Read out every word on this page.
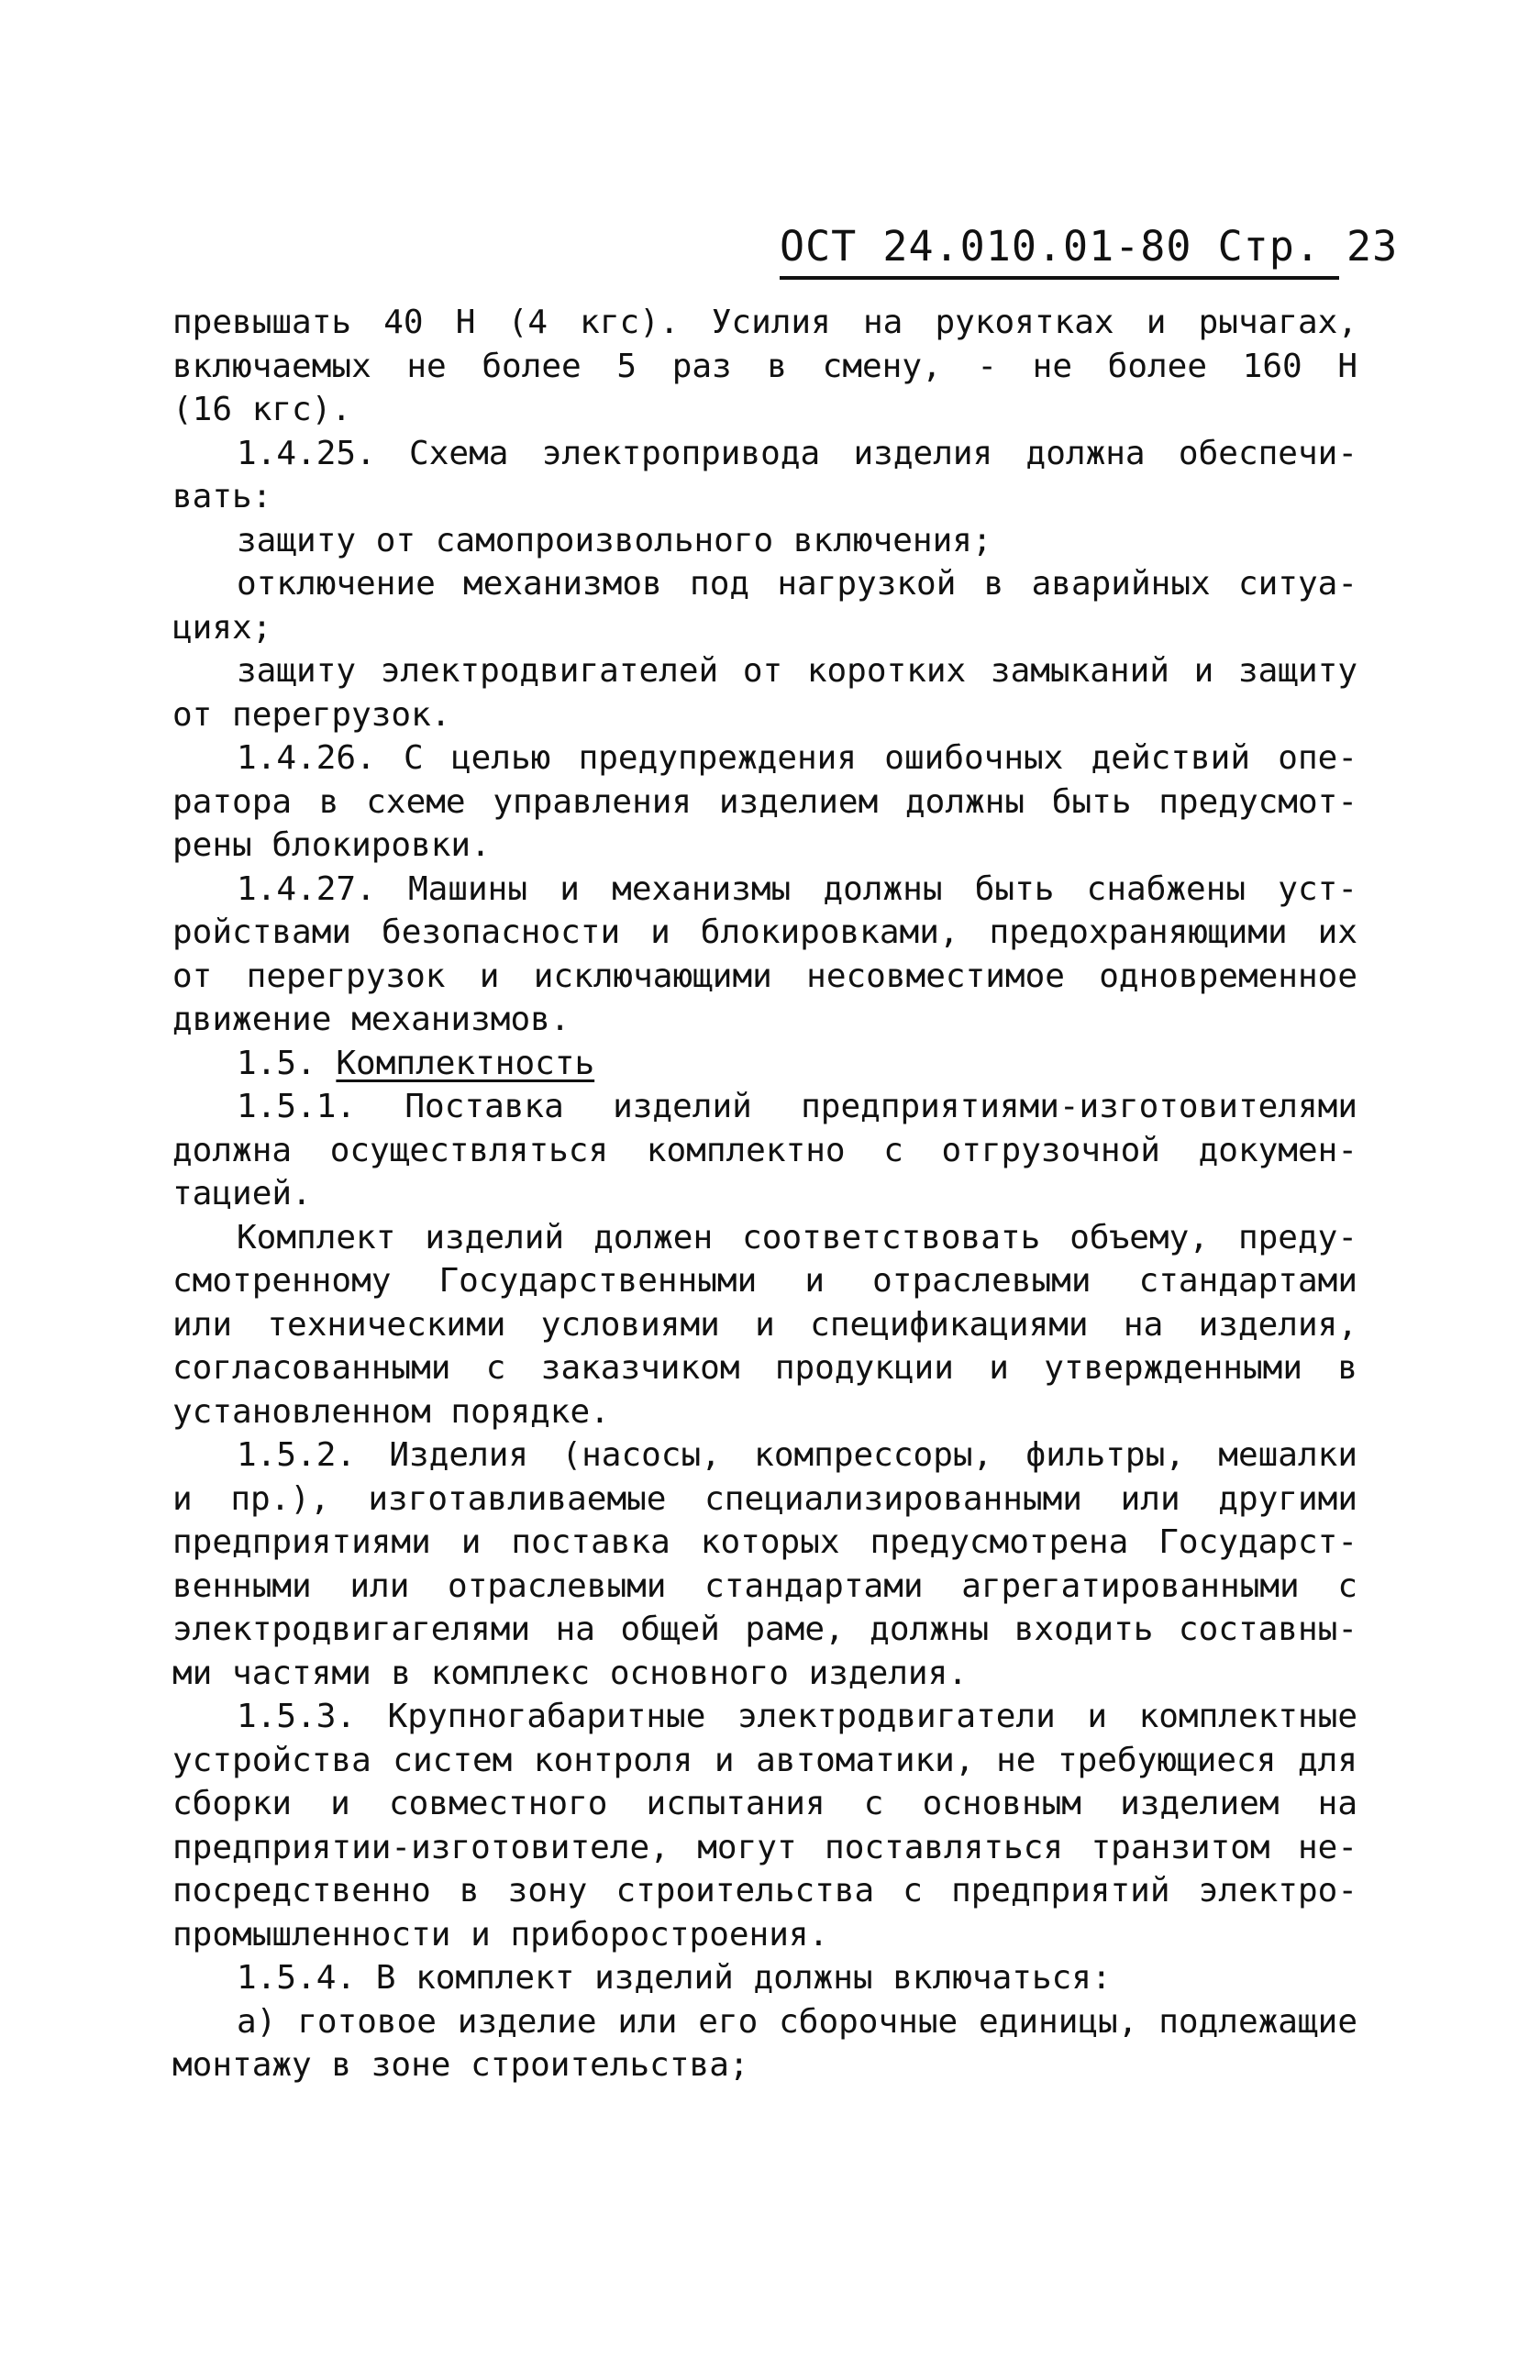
ОСТ 24.010.01-80 Стр. 23
превышать 40 Н (4 кгс). Усилия на рукоятках и рычагах,
включаемых не более 5 раз в смену, - не более 160 Н
(16 кгс).
1.4.25. Схема электропривода изделия должна обеспечи-
вать:
защиту от самопроизвольного включения;
отключение механизмов под нагрузкой в аварийных ситуа-
циях;
защиту электродвигателей от коротких замыканий и защиту
от перегрузок.
1.4.26. С целью предупреждения ошибочных действий опе-
ратора в схеме управления изделием должны быть предусмот-
рены блокировки.
1.4.27. Машины и механизмы должны быть снабжены уст-
ройствами безопасности и блокировками, предохраняющими их
от перегрузок и исключающими несовместимое одновременное
движение механизмов.
1.5. Комплектность
1.5.1. Поставка изделий предприятиями-изготовителями
должна осуществляться комплектно с отгрузочной докумен-
тацией.
Комплект изделий должен соответствовать объему, преду-
смотренному Государственными и отраслевыми стандартами
или техническими условиями и спецификациями на изделия,
согласованными с заказчиком продукции и утвержденными в
установленном порядке.
1.5.2. Изделия (насосы, компрессоры, фильтры, мешалки
и пр.), изготавливаемые специализированными или другими
предприятиями и поставка которых предусмотрена Государст-
венными или отраслевыми стандартами агрегатированными с
электродвигагелями на общей раме, должны входить составны-
ми частями в комплекс основного изделия.
1.5.3. Крупногабаритные электродвигатели и комплектные
устройства систем контроля и автоматики, не требующиеся для
сборки и совместного испытания с основным изделием на
предприятии-изготовителе, могут поставляться транзитом не-
посредственно в зону строительства с предприятий электро-
промышленности и приборостроения.
1.5.4. В комплект изделий должны включаться:
а) готовое изделие или его сборочные единицы, подлежащие
монтажу в зоне строительства;
